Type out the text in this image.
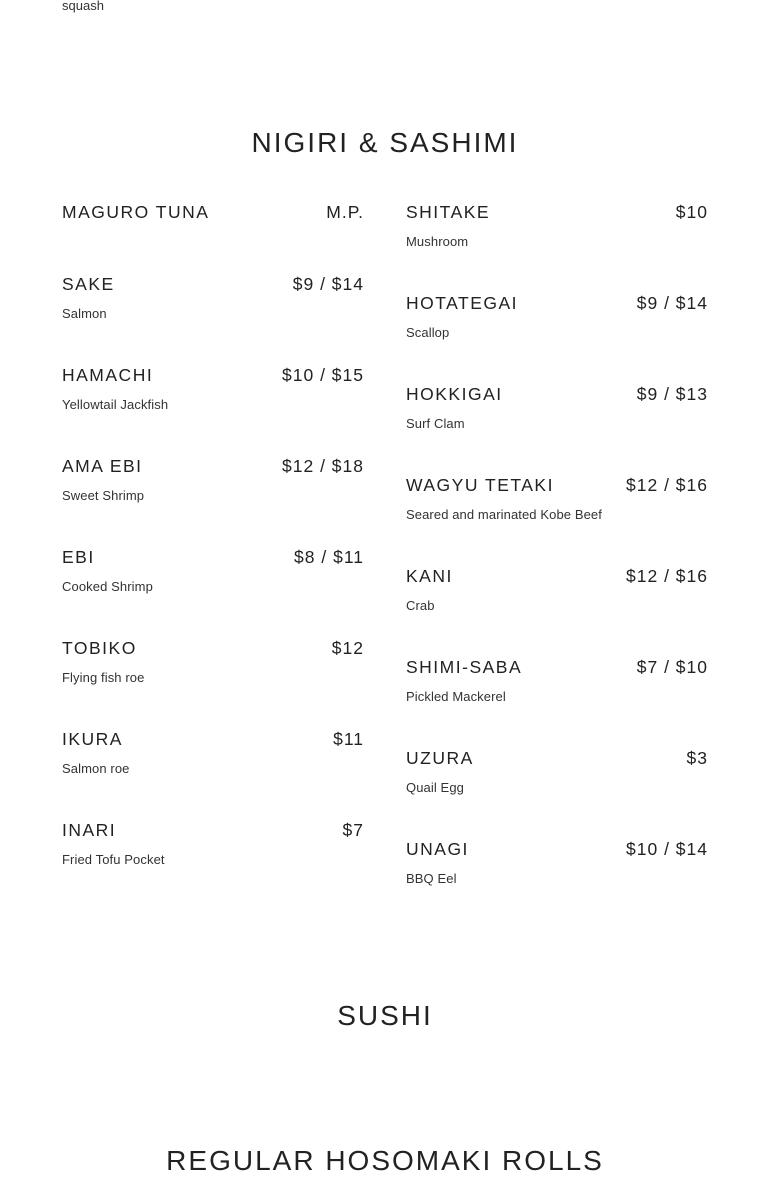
squash
NIGIRI & SASHIMI
MAGURO TUNA	M.P.
SAKE	$9 / $14
Salmon
HAMACHI	$10 / $15
Yellowtail Jackfish
AMA EBI	$12 / $18
Sweet Shrimp
EBI	$8 / $11
Cooked Shrimp
TOBIKO	$12
Flying fish roe
IKURA	$11
Salmon roe
INARI	$7
Fried Tofu Pocket
SHITAKE	$10
Mushroom
HOTATEGAI	$9 / $14
Scallop
HOKKIGAI	$9 / $13
Surf Clam
WAGYU TETAKI	$12 / $16
Seared and marinated Kobe Beef
KANI	$12 / $16
Crab
SHIMI-SABA	$7 / $10
Pickled Mackerel
UZURA	$3
Quail Egg
UNAGI	$10 / $14
BBQ Eel
SUSHI
REGULAR HOSOMAKI ROLLS
